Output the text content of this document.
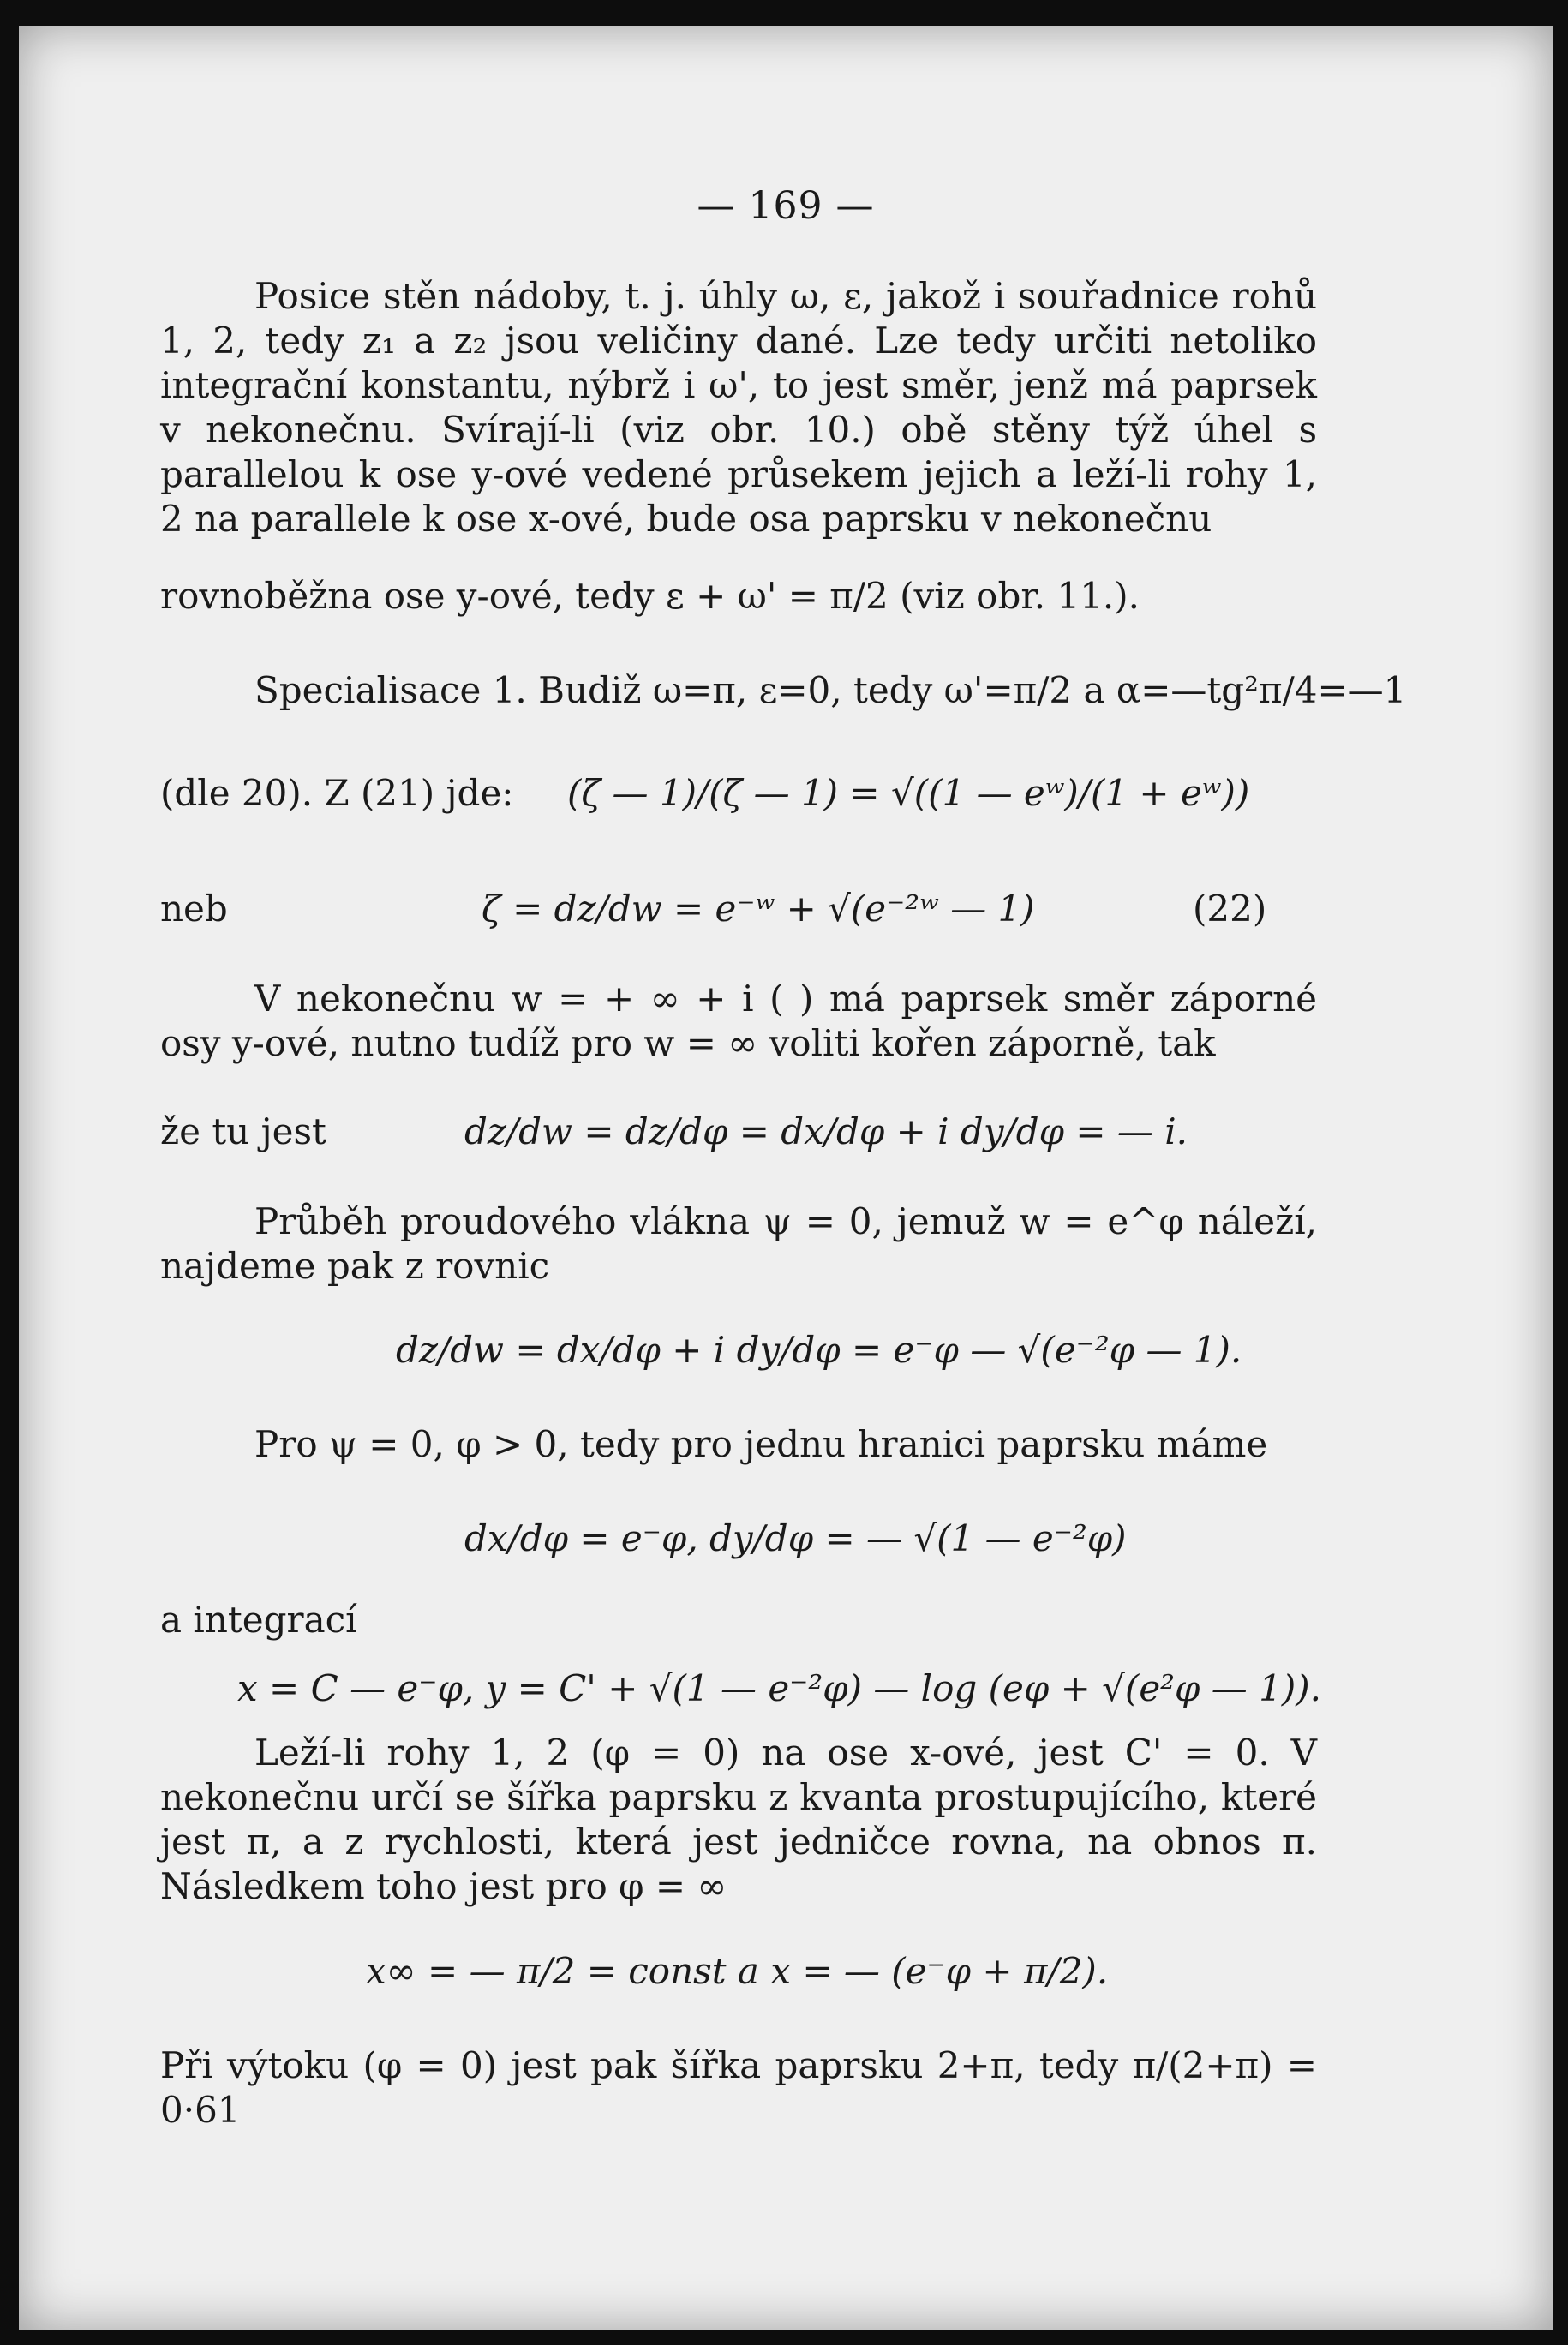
— 169 —
Posice stěn nádoby, t. j. úhly ω, ε, jakož i souřadnice rohů 1, 2, tedy z₁ a z₂ jsou veličiny dané. Lze tedy určiti netoliko integrační konstantu, nýbrž i ω', to jest směr, jenž má paprsek v nekonečnu. Svírají-li (viz obr. 10.) obě stěny týž úhel s parallelou k ose y-ové vedené průsekem jejich a leží-li rohy 1, 2 na parallele k ose x-ové, bude osa paprsku v nekonečnu
rovnoběžna ose y-ové, tedy ε + ω' = π/2 (viz obr. 11.).
Specialisace 1. Budiž ω=π, ε=0, tedy ω'=π/2 a α=—tg²π/4=—1
(dle 20). Z (21) jde: (ζ — 1)/(ζ — 1) = √((1 — eʷ)/(1 + eʷ))
neb	ζ = dz/dw = e⁻ʷ + √(e⁻²ʷ — 1)	(22)
V nekonečnu w = + ∞ + i ( ) má paprsek směr záporné osy y-ové, nutno tudíž pro w = ∞ voliti kořen záporně, tak
že tu jest	dz/dw = dz/dφ = dx/dφ + i dy/dφ = — i.
Průběh proudového vlákna ψ = 0, jemuž w = e^φ náleží, najdeme pak z rovnic
dz/dw = dx/dφ + i dy/dφ = e⁻φ — √(e⁻²φ — 1).
Pro ψ = 0, φ > 0, tedy pro jednu hranici paprsku máme
dx/dφ = e⁻φ, dy/dφ = — √(1 — e⁻²φ)
a integrací
x = C — e⁻φ, y = C' + √(1 — e⁻²φ) — log (eφ + √(e²φ — 1)).
Leží-li rohy 1, 2 (φ = 0) na ose x-ové, jest C' = 0. V nekonečnu určí se šířka paprsku z kvanta prostupujícího, které jest π, a z rychlosti, která jest jedničce rovna, na obnos π. Následkem toho jest pro φ = ∞
x∞ = — π/2 = const a x = — (e⁻φ + π/2).
Při výtoku (φ = 0) jest pak šířka paprsku 2+π, tedy π/(2+π) = 0·61
